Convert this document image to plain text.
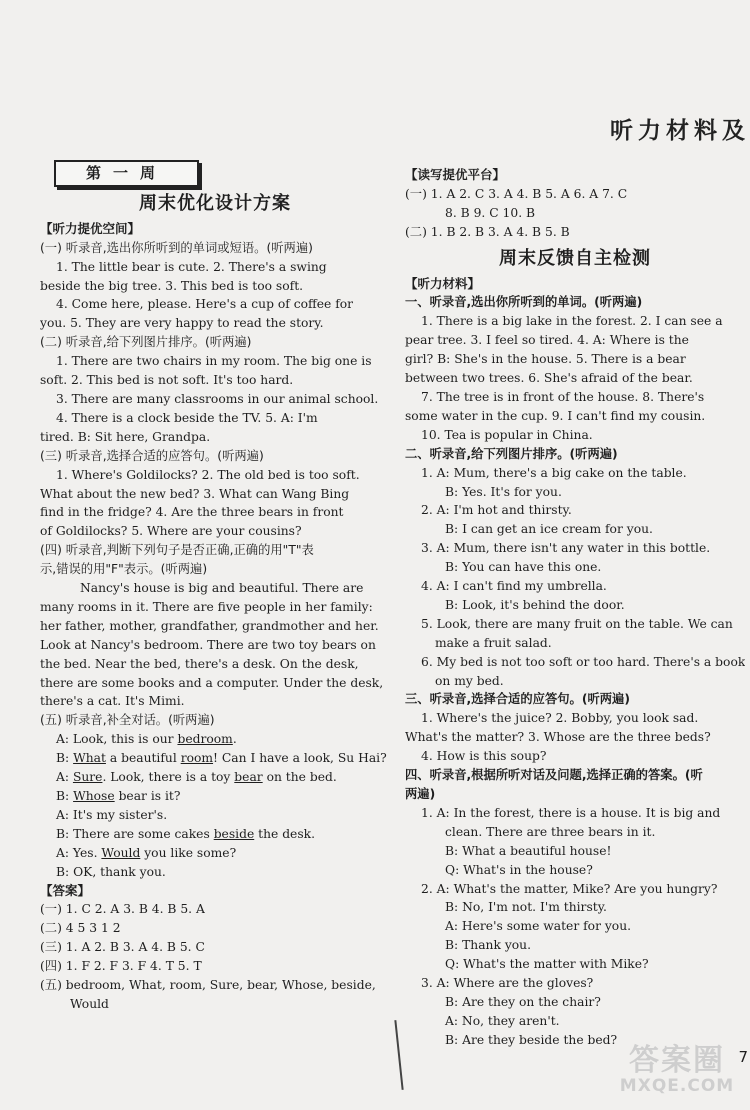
听力材料及
第一周
周末优化设计方案
【听力提优空间】
(一) 听录音,选出你所听到的单词或短语。(听两遍)
1. The little bear is cute. 2. There's a swing
beside the big tree. 3. This bed is too soft.
4. Come here, please. Here's a cup of coffee for
you. 5. They are very happy to read the story.
(二) 听录音,给下列图片排序。(听两遍)
1. There are two chairs in my room. The big one is
soft. 2. This bed is not soft. It's too hard.
3. There are many classrooms in our animal school.
4. There is a clock beside the TV. 5. A: I'm
tired. B: Sit here, Grandpa.
(三) 听录音,选择合适的应答句。(听两遍)
1. Where's Goldilocks? 2. The old bed is too soft.
What about the new bed? 3. What can Wang Bing
find in the fridge? 4. Are the three bears in front
of Goldilocks? 5. Where are your cousins?
(四) 听录音,判断下列句子是否正确,正确的用"T"表
示,错误的用"F"表示。(听两遍)
Nancy's house is big and beautiful. There are
many rooms in it. There are five people in her family:
her father, mother, grandfather, grandmother and her.
Look at Nancy's bedroom. There are two toy bears on
the bed. Near the bed, there's a desk. On the desk,
there are some books and a computer. Under the desk,
there's a cat. It's Mimi.
(五) 听录音,补全对话。(听两遍)
A: Look, this is our bedroom.
B: What a beautiful room! Can I have a look, Su Hai?
A: Sure. Look, there is a toy bear on the bed.
B: Whose bear is it?
A: It's my sister's.
B: There are some cakes beside the desk.
A: Yes. Would you like some?
B: OK, thank you.
【答案】
(一) 1. C 2. A 3. B 4. B 5. A
(二) 4 5 3 1 2
(三) 1. A 2. B 3. A 4. B 5. C
(四) 1. F 2. F 3. F 4. T 5. T
(五) bedroom, What, room, Sure, bear, Whose, beside,
Would
【读写提优平台】
(一) 1. A 2. C 3. A 4. B 5. A 6. A 7. C
8. B 9. C 10. B
(二) 1. B 2. B 3. A 4. B 5. B
周末反馈自主检测
【听力材料】
一、听录音,选出你所听到的单词。(听两遍)
1. There is a big lake in the forest. 2. I can see a
pear tree. 3. I feel so tired. 4. A: Where is the
girl? B: She's in the house. 5. There is a bear
between two trees. 6. She's afraid of the bear.
7. The tree is in front of the house. 8. There's
some water in the cup. 9. I can't find my cousin.
10. Tea is popular in China.
二、听录音,给下列图片排序。(听两遍)
1. A: Mum, there's a big cake on the table.
B: Yes. It's for you.
2. A: I'm hot and thirsty.
B: I can get an ice cream for you.
3. A: Mum, there isn't any water in this bottle.
B: You can have this one.
4. A: I can't find my umbrella.
B: Look, it's behind the door.
5. Look, there are many fruit on the table. We can
make a fruit salad.
6. My bed is not too soft or too hard. There's a book
on my bed.
三、听录音,选择合适的应答句。(听两遍)
1. Where's the juice? 2. Bobby, you look sad.
What's the matter? 3. Whose are the three beds?
4. How is this soup?
四、听录音,根据所听对话及问题,选择正确的答案。(听
两遍)
1. A: In the forest, there is a house. It is big and
clean. There are three bears in it.
B: What a beautiful house!
Q: What's in the house?
2. A: What's the matter, Mike? Are you hungry?
B: No, I'm not. I'm thirsty.
A: Here's some water for you.
B: Thank you.
Q: What's the matter with Mike?
3. A: Where are the gloves?
B: Are they on the chair?
A: No, they aren't.
B: Are they beside the bed?
答案圈
MXQE.COM
7
